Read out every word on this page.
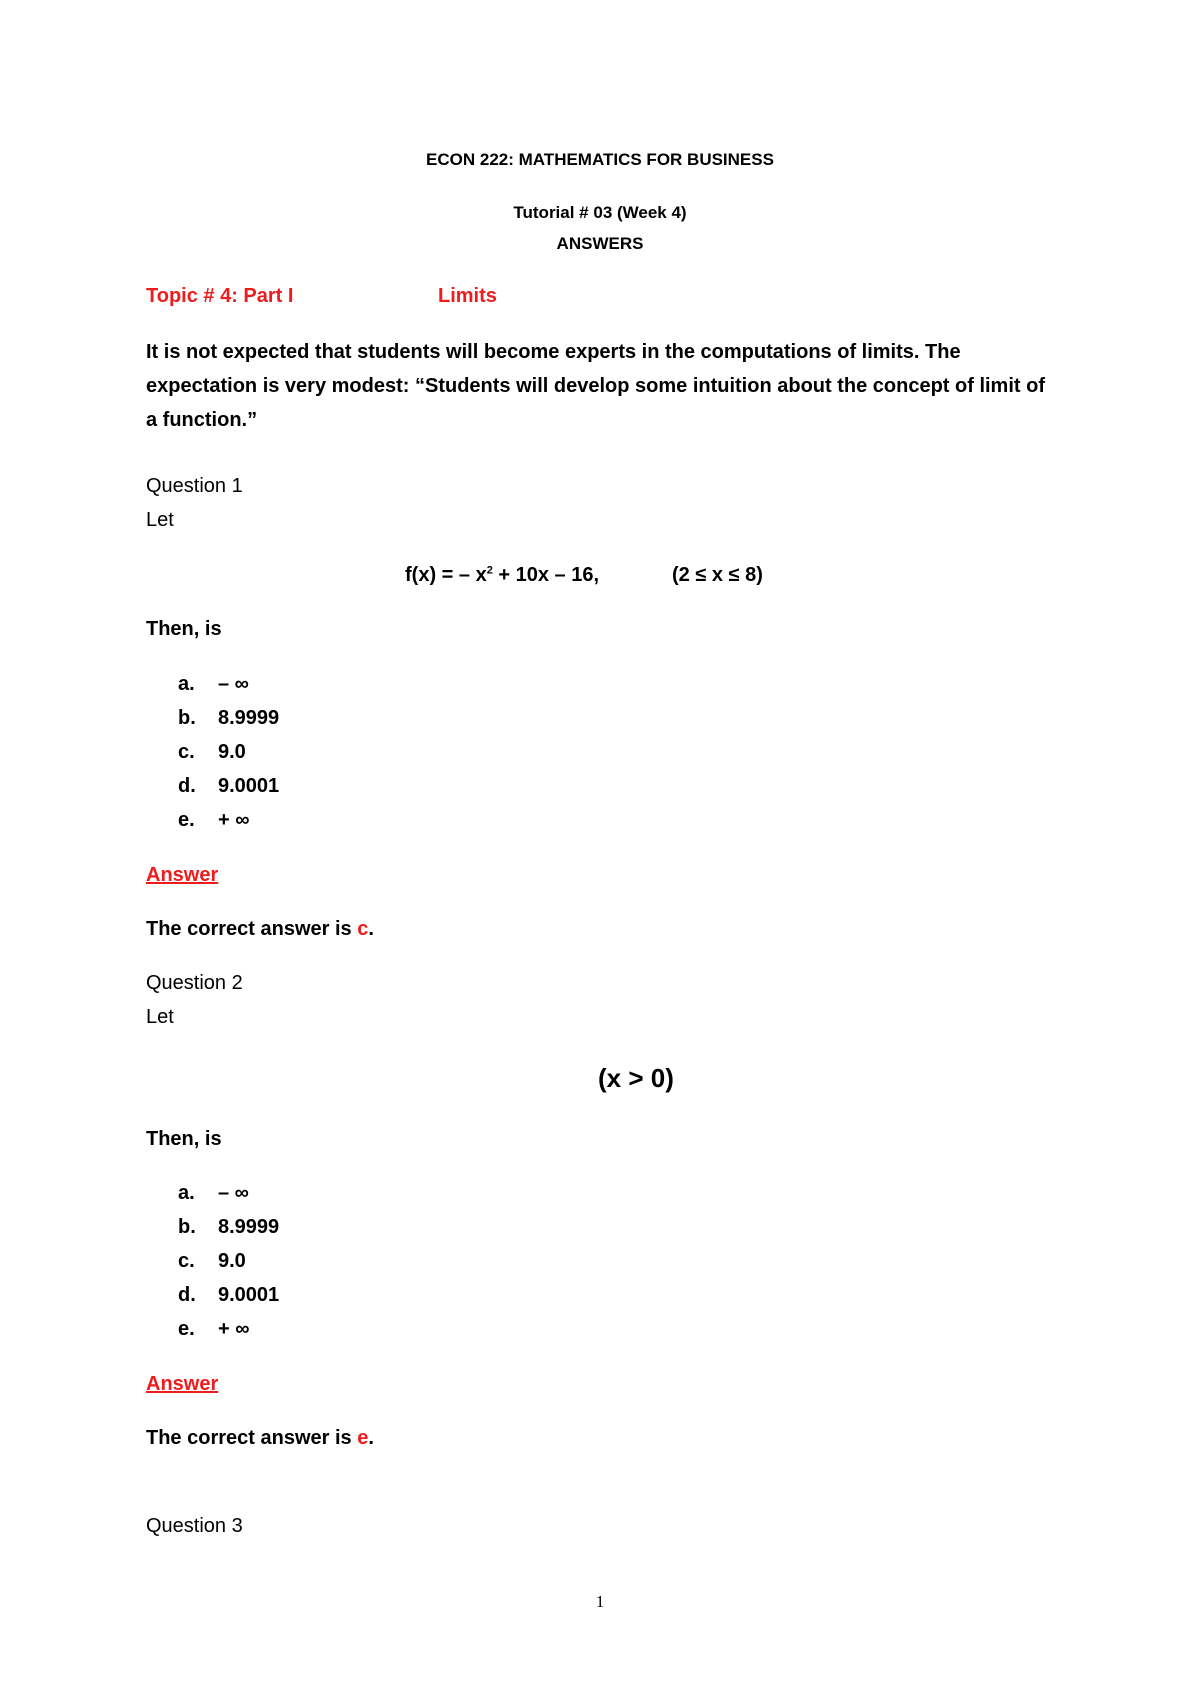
ECON 222: MATHEMATICS FOR BUSINESS

Tutorial # 03 (Week 4)

ANSWERS

Topic # 4: Part I	Limits

It is not expected that students will become experts in the computations of limits. The expectation is very modest: “Students will develop some intuition about the concept of limit of a function.”

Question 1

Let

f(x) = – $x^2 + 10x - 16$,	(2 ≤ x ≤ 8)

Then, is

a. – ∞
b. 8.9999
c. 9.0
d. 9.0001
e. + ∞

Answer

The correct answer is c.

Question 2

Let

(x > 0)

Then, is

a. – ∞
b. 8.9999
c. 9.0
d. 9.0001
e. + ∞

Answer

The correct answer is e.

Question 3

1
